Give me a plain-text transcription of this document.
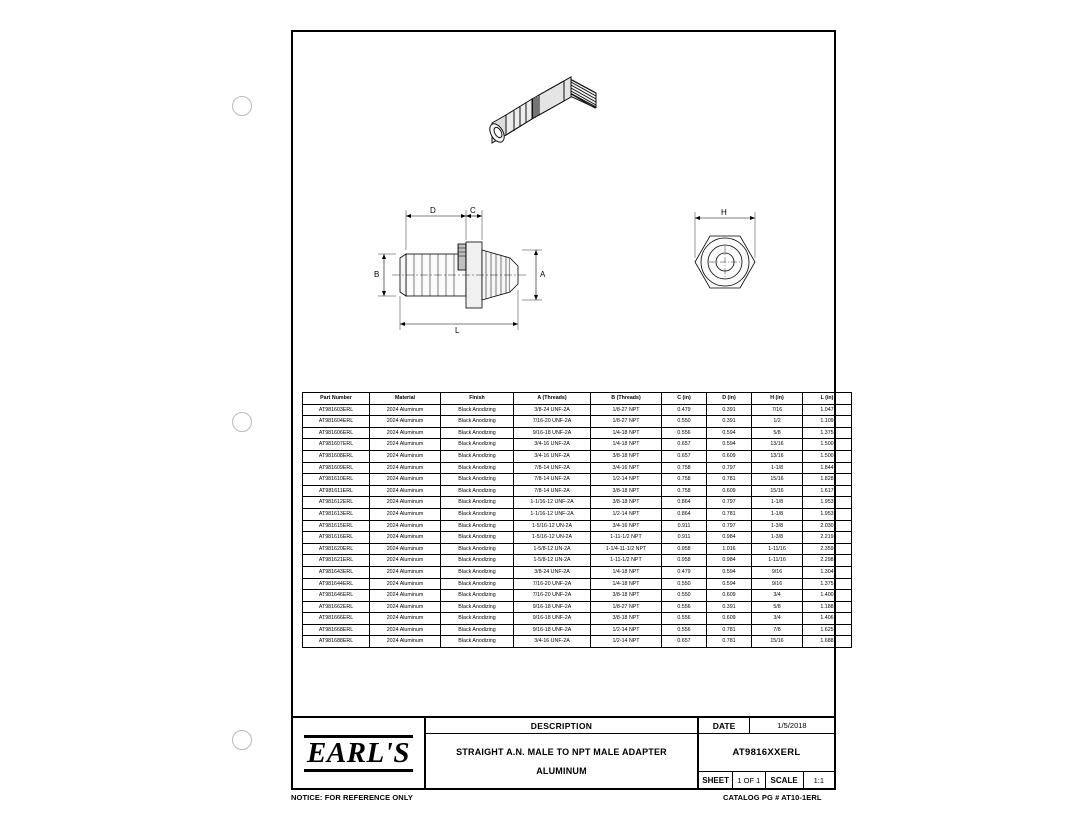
D	C
L
B	A
H
Part Number	Material	Finish	A (Threads)	B (Threads)	C (in)	D (in)	H (in)	L (in)
AT981603ERL	2024 Aluminum	Black Anodizing	3/8-24 UNF-2A	1/8-27 NPT	0.479	0.391	7/16	1.047
AT981604ERL	2024 Aluminum	Black Anodizing	7/16-20 UNF-2A	1/8-27 NPT	0.550	0.391	1/2	1.109
AT981606ERL	2024 Aluminum	Black Anodizing	9/16-18 UNF-2A	1/4-18 NPT	0.556	0.594	5/8	1.375
AT981607ERL	2024 Aluminum	Black Anodizing	3/4-16 UNF-2A	1/4-18 NPT	0.657	0.594	13/16	1.500
AT981608ERL	2024 Aluminum	Black Anodizing	3/4-16 UNF-2A	3/8-18 NPT	0.657	0.609	13/16	1.500
AT981609ERL	2024 Aluminum	Black Anodizing	7/8-14 UNF-2A	3/4-16 NPT	0.758	0.797	1-1/8	1.844
AT981610ERL	2024 Aluminum	Black Anodizing	7/8-14 UNF-2A	1/2-14 NPT	0.758	0.781	15/16	1.828
AT981611ERL	2024 Aluminum	Black Anodizing	7/8-14 UNF-2A	3/8-18 NPT	0.758	0.609	15/16	1.617
AT981612ERL	2024 Aluminum	Black Anodizing	1-1/16-12 UNF-2A	3/8-18 NPT	0.864	0.797	1-1/8	1.953
AT981613ERL	2024 Aluminum	Black Anodizing	1-1/16-12 UNF-2A	1/2-14 NPT	0.864	0.781	1-1/8	1.953
AT981615ERL	2024 Aluminum	Black Anodizing	1-5/16-12 UN-2A	3/4-16 NPT	0.911	0.797	1-3/8	2.030
AT981616ERL	2024 Aluminum	Black Anodizing	1-5/16-12 UN-2A	1-11-1/2 NPT	0.911	0.984	1-3/8	2.219
AT981620ERL	2024 Aluminum	Black Anodizing	1-5/8-12 UN-2A	1-1/4-11-1/2 NPT	0.958	1.016	1-11/16	2.359
AT981621ERL	2024 Aluminum	Black Anodizing	1-5/8-12 UN-2A	1-11-1/2 NPT	0.958	0.984	1-11/16	2.298
AT981643ERL	2024 Aluminum	Black Anodizing	3/8-24 UNF-2A	1/4-18 NPT	0.479	0.594	9/16	1.304
AT981644ERL	2024 Aluminum	Black Anodizing	7/16-20 UNF-2A	1/4-18 NPT	0.550	0.594	9/16	1.375
AT981646ERL	2024 Aluminum	Black Anodizing	7/16-20 UNF-2A	3/8-18 NPT	0.550	0.609	3/4	1.400
AT981662ERL	2024 Aluminum	Black Anodizing	9/16-18 UNF-2A	1/8-27 NPT	0.556	0.391	5/8	1.188
AT981666ERL	2024 Aluminum	Black Anodizing	9/16-18 UNF-2A	3/8-18 NPT	0.556	0.609	3/4	1.406
AT981668ERL	2024 Aluminum	Black Anodizing	9/16-18 UNF-2A	1/2-14 NPT	0.556	0.781	7/8	1.625
AT981688ERL	2024 Aluminum	Black Anodizing	3/4-16 UNF-2A	1/2-14 NPT	0.657	0.781	15/16	1.688
EARL'S
DESCRIPTION
STRAIGHT A.N. MALE TO NPT MALE ADAPTER
ALUMINUM
DATE	1/5/2018
AT9816XXERL
SHEET	1 OF 1	SCALE	1:1
NOTICE: FOR REFERENCE ONLY	CATALOG PG # AT10-1ERL
